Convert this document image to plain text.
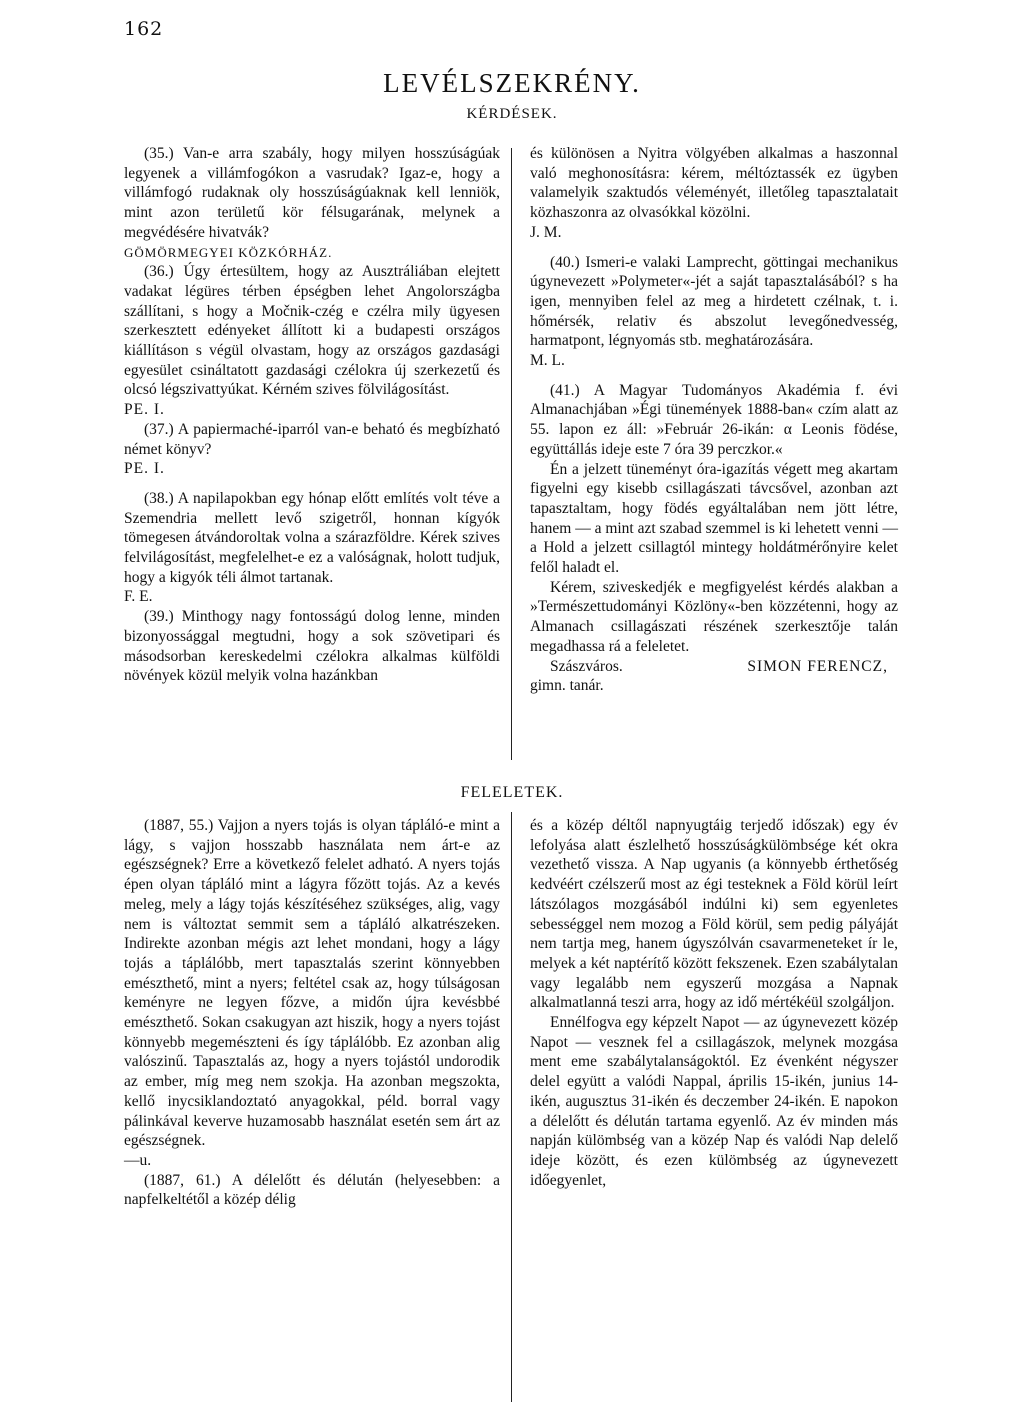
162
LEVÉLSZEKRÉNY.
KÉRDÉSEK.

(35.) Van-e arra szabály, hogy milyen hosszúságúak legyenek a villámfogókon a vasrudak? Igaz-e, hogy a villámfogó rudaknak oly hosszúságúaknak kell lenniök, mint azon területű kör félsugarának, melynek a megvédésére hivatvák?

GÖMÖRMEGYEI KÖZKÓRHÁZ.

(36.) Úgy értesültem, hogy az Ausztráliában elejtett vadakat légüres térben épségben lehet Angolországba szállítani, s hogy a Močnik-czég e czélra mily ügyesen szerkesztett edényeket állított ki a budapesti országos kiállításon s végül olvastam, hogy az országos gazdasági egyesület csináltatott gazdasági czélokra új szerkezetű és olcsó légszivattyúkat. Kérném szives fölvilágosítást.

PE. I.

(37.) A papiermaché-iparról van-e beható és megbízható német könyv?

PE. I.

(38.) A napilapokban egy hónap előtt említés volt téve a Szemendria mellett levő szigetről, honnan kígyók tömegesen átvándoroltak volna a szárazföldre. Kérek szives felvilágosítást, megfelelhet-e ez a valóságnak, holott tudjuk, hogy a kigyók téli álmot tartanak.

F. E.

(39.) Minthogy nagy fontosságú dolog lenne, minden bizonyossággal megtudni, hogy a sok szövetipari és másodsorban kereskedelmi czélokra alkalmas külföldi növények közül melyik volna hazánkban

és különösen a Nyitra völgyében alkalmas a haszonnal való meghonosításra: kérem, méltóztassék ez ügyben valamelyik szaktudós véleményét, illetőleg tapasztalatait közhaszonra az olvasókkal közölni.

J. M.

(40.) Ismeri-e valaki Lamprecht, göttingai mechanikus úgynevezett »Polymeter«-jét a saját tapasztalásából? s ha igen, mennyiben felel az meg a hirdetett czélnak, t. i. hőmérsék, relativ és abszolut levegőnedvesség, harmatpont, légnyomás stb. meghatározására.

M. L.

(41.) A Magyar Tudományos Akadémia f. évi Almanachjában »Égi tünemények 1888-ban« czím alatt az 55. lapon ez áll: »Február 26-ikán: α Leonis födése, együttállás ideje este 7 óra 39 perczkor.«

Én a jelzett tüneményt óra-igazítás végett meg akartam figyelni egy kisebb csillagászati távcsővel, azonban azt tapasztaltam, hogy födés egyáltalában nem jött létre, hanem — a mint azt szabad szemmel is ki lehetett venni — a Hold a jelzett csillagtól mintegy holdátmérőnyire kelet felől haladt el.

Kérem, sziveskedjék e megfigyelést kérdés alakban a »Természettudományi Közlöny«-ben közzétenni, hogy az Almanach csillagászati részének szerkesztője talán megadhassa rá a feleletet.

Szászváros.	SIMON FERENCZ,

gimn. tanár.

FELELETEK.

(1887, 55.) Vajjon a nyers tojás is olyan tápláló-e mint a lágy, s vajjon hosszabb használata nem árt-e az egészségnek? Erre a következő felelet adható. A nyers tojás épen olyan tápláló mint a lágyra főzött tojás. Az a kevés meleg, mely a lágy tojás készítéséhez szükséges, alig, vagy nem is változtat semmit sem a tápláló alkatrészeken. Indirekte azonban mégis azt lehet mondani, hogy a lágy tojás a táplálóbb, mert tapasztalás szerint könnyebben emészthető, mint a nyers; feltétel csak az, hogy túlságosan keményre ne legyen főzve, a midőn újra kevésbbé emészthető. Sokan csakugyan azt hiszik, hogy a nyers tojást könnyebb megemészteni és így táplálóbb. Ez azonban alig valószinű. Tapasztalás az, hogy a nyers tojástól undorodik az ember, míg meg nem szokja. Ha azonban megszokta, kellő inycsiklandoztató anyagokkal, péld. borral vagy pálinkával keverve huzamosabb használat esetén sem árt az egészségnek.

—u.

(1887, 61.) A délelőtt és délután (helyesebben: a napfelkeltétől a közép délig

és a közép déltől napnyugtáig terjedő időszak) egy év lefolyása alatt észlelhető hosszúságkülömbsége két okra vezethető vissza. A Nap ugyanis (a könnyebb érthetőség kedvéért czélszerű most az égi testeknek a Föld körül leírt látszólagos mozgásából indúlni ki) sem egyenletes sebességgel nem mozog a Föld körül, sem pedig pályáját nem tartja meg, hanem úgyszólván csavarmeneteket ír le, melyek a két naptérítő között fekszenek. Ezen szabálytalan vagy legalább nem egyszerű mozgása a Napnak alkalmatlanná teszi arra, hogy az idő mértékéül szolgáljon.

Ennélfogva egy képzelt Napot — az úgynevezett közép Napot — vesznek fel a csillagászok, melynek mozgása ment eme szabálytalanságoktól. Ez évenként négyszer delel együtt a valódi Nappal, április 15-ikén, junius 14-ikén, augusztus 31-ikén és deczember 24-ikén. E napokon a délelőtt és délután tartama egyenlő. Az év minden más napján külömbség van a közép Nap és valódi Nap delelő ideje között, és ezen külömbség az úgynevezett időegyenlet,
